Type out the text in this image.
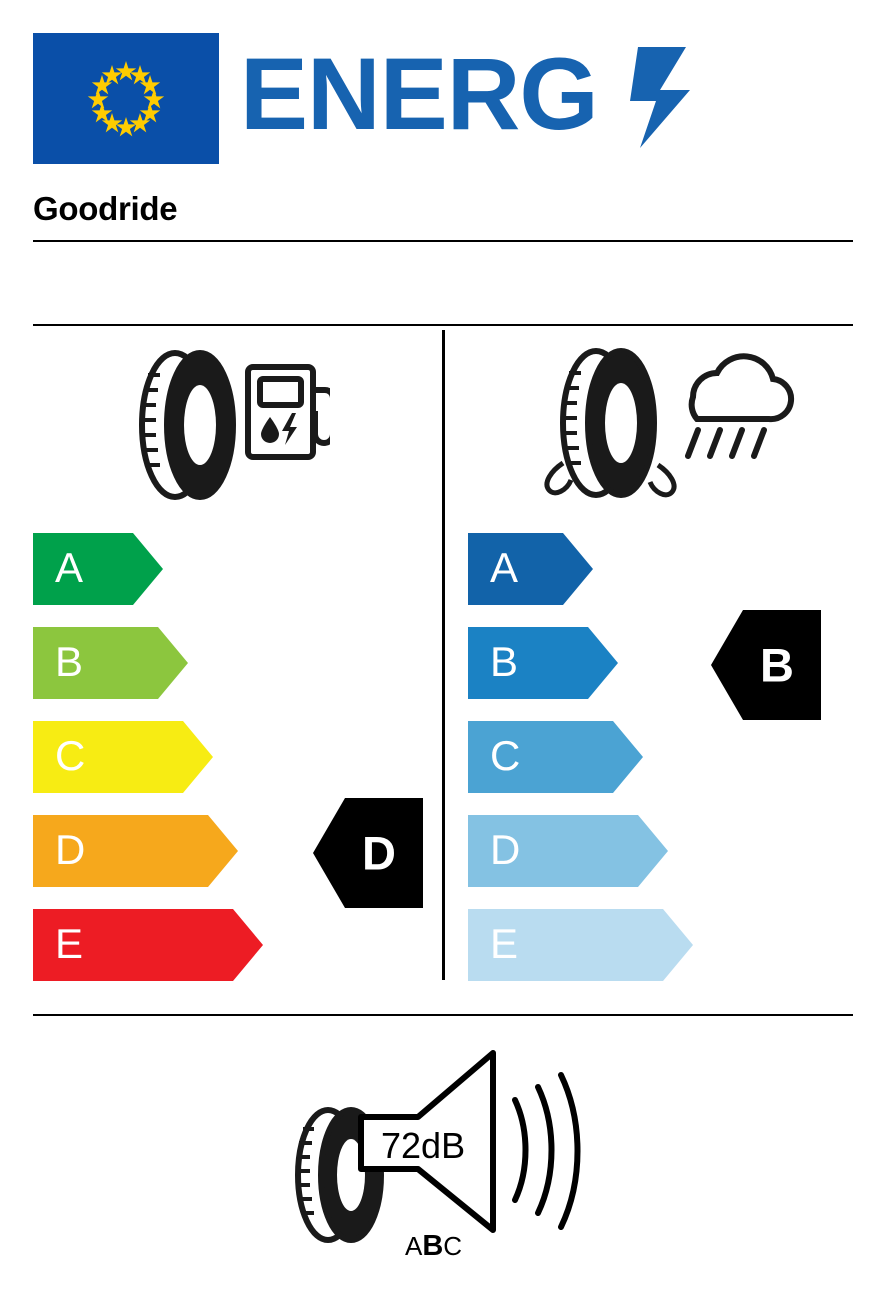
ENERG
Goodride
A
B
C
D
E
D
A
B
C
D
E
B
72dB
ABC
